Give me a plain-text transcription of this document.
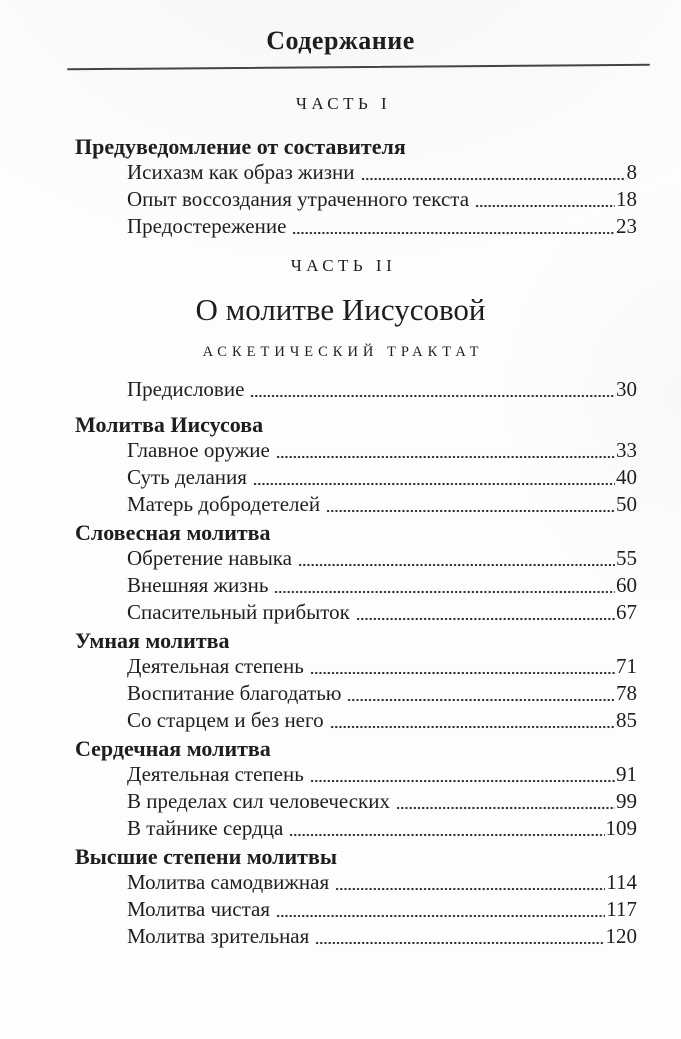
Содержание
ЧАСТЬ I
Предуведомление от составителя
Исихазм как образ жизни	8
Опыт воссоздания утраченного текста	18
Предостережение	23
ЧАСТЬ II
О молитве Иисусовой
АСКЕТИЧЕСКИЙ ТРАКТАТ
Предисловие	30
Молитва Иисусова
Главное оружие	33
Суть делания	40
Матерь добродетелей	50
Словесная молитва
Обретение навыка	55
Внешняя жизнь	60
Спасительный прибыток	67
Умная молитва
Деятельная степень	71
Воспитание благодатью	78
Со старцем и без него	85
Сердечная молитва
Деятельная степень	91
В пределах сил человеческих	99
В тайнике сердца	109
Высшие степени молитвы
Молитва самодвижная	114
Молитва чистая	117
Молитва зрительная	120
